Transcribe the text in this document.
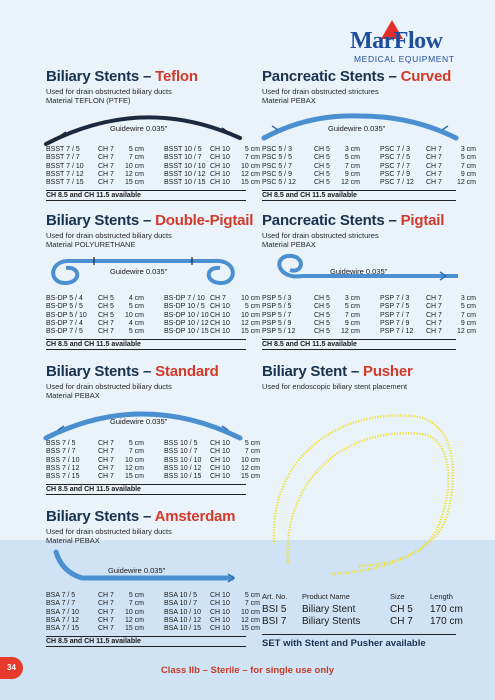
MarFlow
MEDICAL EQUIPMENT
Biliary Stents – Teflon
Used for drain obstructed biliary ducts
Material TEFLON (PTFE)
Guidewire 0.035"
BSST 7 / 5	CH 7	5 cm	BSST 10 / 5	CH 10	5 cm
BSST 7 / 7	CH 7	7 cm	BSST 10 / 7	CH 10	7 cm
BSST 7 / 10	CH 7	10 cm	BSST 10 / 10	CH 10	10 cm
BSST 7 / 12	CH 7	12 cm	BSST 10 / 12	CH 10	12 cm
BSST 7 / 15	CH 7	15 cm	BSST 10 / 15	CH 10	15 cm
CH 8.5 and CH 11.5 available
Pancreatic Stents – Curved
Used for drain obstructed strictures
Material PEBAX
Guidewire 0.035"
PSC 5 / 3	CH 5	3 cm	PSC 7 / 3	CH 7	3 cm
PSC 5 / 5	CH 5	5 cm	PSC 7 / 5	CH 7	5 cm
PSC 5 / 7	CH 5	7 cm	PSC 7 / 7	CH 7	7 cm
PSC 5 / 9	CH 5	9 cm	PSC 7 / 9	CH 7	9 cm
PSC 5 / 12	CH 5	12 cm	PSC 7 / 12	CH 7	12 cm
CH 8.5 and CH 11.5 available
Biliary Stents – Double-Pigtail
Used for drain obstructed biliary ducts
Material POLYURETHANE
Guidewire 0.035"
BS-DP 5 / 4	CH 5	4 cm	BS-DP 7 / 10	CH 7	10 cm
BS-DP 5 / 5	CH 5	5 cm	BS-DP 10 / 5	CH 10	5 cm
BS-DP 5 / 10	CH 5	10 cm	BS-DP 10 / 10	CH 10	10 cm
BS-DP 7 / 4	CH 7	4 cm	BS-DP 10 / 12	CH 10	12 cm
BS-DP 7 / 5	CH 7	5 cm	BS-DP 10 / 15	CH 10	15 cm
CH 8.5 and CH 11.5 available
Pancreatic Stents – Pigtail
Used for drain obstructed strictures
Material PEBAX
Guidewire 0.035"
PSP 5 / 3	CH 5	3 cm	PSP 7 / 3	CH 7	3 cm
PSP 5 / 5	CH 5	5 cm	PSP 7 / 5	CH 7	5 cm
PSP 5 / 7	CH 5	7 cm	PSP 7 / 7	CH 7	7 cm
PSP 5 / 9	CH 5	9 cm	PSP 7 / 9	CH 7	9 cm
PSP 5 / 12	CH 5	12 cm	PSP 7 / 12	CH 7	12 cm
CH 8.5 and CH 11.5 available
Biliary Stents – Standard
Used for drain obstructed biliary ducts
Material PEBAX
Guidewire 0.035"
BSS 7 / 5	CH 7	5 cm	BSS 10 / 5	CH 10	5 cm
BSS 7 / 7	CH 7	7 cm	BSS 10 / 7	CH 10	7 cm
BSS 7 / 10	CH 7	10 cm	BSS 10 / 10	CH 10	10 cm
BSS 7 / 12	CH 7	12 cm	BSS 10 / 12	CH 10	12 cm
BSS 7 / 15	CH 7	15 cm	BSS 10 / 15	CH 10	15 cm
CH 8.5 and CH 11.5 available
Biliary Stent – Pusher
Used for endoscopic biliary stent placement
Art. No.	Product Name	Size	Length
BSI 5	Biliary Stent	CH 5	170 cm
BSI 7	Biliary Stents	CH 7	170 cm
SET with Stent and Pusher available
Biliary Stents – Amsterdam
Used for drain obstructed biliary ducts
Material PEBAX
Guidewire 0.035"
BSA 7 / 5	CH 7	5 cm	BSA 10 / 5	CH 10	5 cm
BSA 7 / 7	CH 7	7 cm	BSA 10 / 7	CH 10	7 cm
BSA 7 / 10	CH 7	10 cm	BSA 10 / 10	CH 10	10 cm
BSA 7 / 12	CH 7	12 cm	BSA 10 / 12	CH 10	12 cm
BSA 7 / 15	CH 7	15 cm	BSA 10 / 15	CH 10	15 cm
CH 8.5 and CH 11.5 available
34	Class IIb – Sterile – for single use only
